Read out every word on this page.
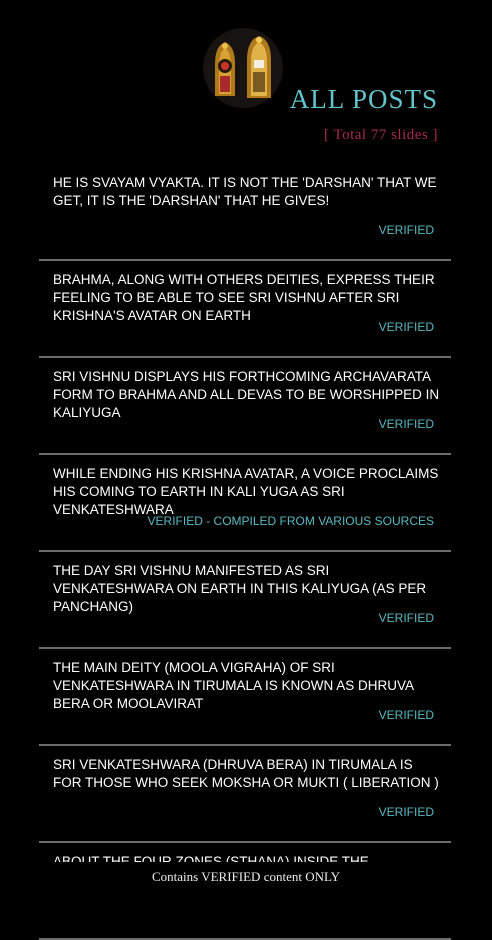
ALL POSTS
[ Total 77 slides ]
HE IS SVAYAM VYAKTA. IT IS NOT THE 'DARSHAN' THAT WE GET, IT IS THE 'DARSHAN' THAT HE GIVES!
VERIFIED
BRAHMA, ALONG WITH OTHERS DEITIES, EXPRESS THEIR FEELING TO BE ABLE TO SEE SRI VISHNU AFTER SRI KRISHNA'S AVATAR ON EARTH
VERIFIED
SRI VISHNU DISPLAYS HIS FORTHCOMING ARCHAVARATA FORM TO BRAHMA AND ALL DEVAS TO BE WORSHIPPED IN KALIYUGA
VERIFIED
WHILE ENDING HIS KRISHNA AVATAR, A VOICE PROCLAIMS HIS COMING TO EARTH IN KALI YUGA AS SRI VENKATESHWARA
VERIFIED - COMPILED FROM VARIOUS SOURCES
THE DAY SRI VISHNU MANIFESTED AS SRI VENKATESHWARA ON EARTH IN THIS KALIYUGA (AS PER PANCHANG)
VERIFIED
THE MAIN DEITY (MOOLA VIGRAHA) OF SRI VENKATESHWARA IN TIRUMALA IS KNOWN AS DHRUVA BERA OR MOOLAVIRAT
VERIFIED
SRI VENKATESHWARA (DHRUVA BERA) IN TIRUMALA IS FOR THOSE WHO SEEK MOKSHA OR MUKTI ( LIBERATION )
VERIFIED
Contains VERIFIED content ONLY
